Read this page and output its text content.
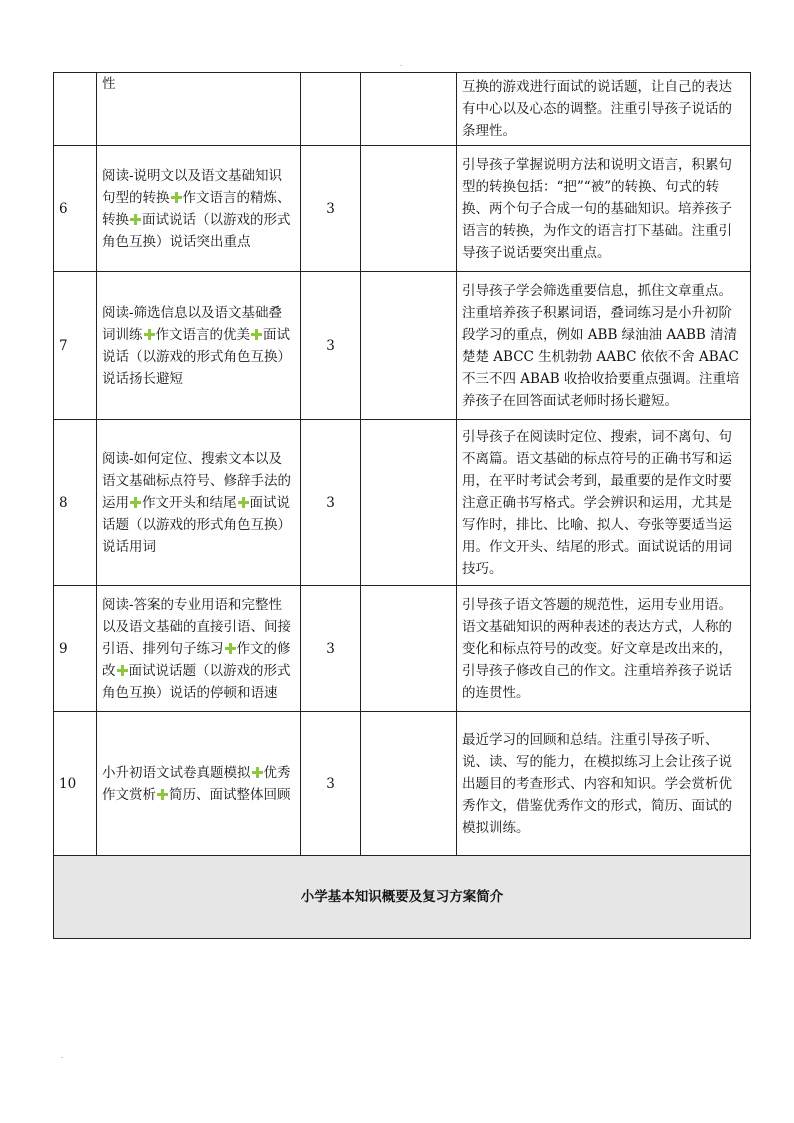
.
	性			互换的游戏进行面试的说话题，让自己的表达有中心以及心态的调整。注重引导孩子说话的条理性。
6	阅读-说明文以及语文基础知识句型的转换 作文语言的精炼、转换 面试说话（以游戏的形式角色互换）说话突出重点	3		引导孩子掌握说明方法和说明文语言，积累句型的转换包括：“把”“被”的转换、句式的转换、两个句子合成一句的基础知识。培养孩子语言的转换，为作文的语言打下基础。注重引导孩子说话要突出重点。
7	阅读-筛选信息以及语文基础叠词训练 作文语言的优美 面试说话（以游戏的形式角色互换）说话扬长避短	3		引导孩子学会筛选重要信息，抓住文章重点。注重培养孩子积累词语，叠词练习是小升初阶段学习的重点，例如 ABB 绿油油 AABB 清清楚楚 ABCC 生机勃勃 AABC 依依不舍 ABAC 不三不四 ABAB 收拾收拾要重点强调。注重培养孩子在回答面试老师时扬长避短。
8	阅读-如何定位、搜索文本以及语文基础标点符号、修辞手法的运用 作文开头和结尾 面试说话题（以游戏的形式角色互换）说话用词	3		引导孩子在阅读时定位、搜索，词不离句、句不离篇。语文基础的标点符号的正确书写和运用，在平时考试会考到，最重要的是作文时要注意正确书写格式。学会辨识和运用，尤其是写作时，排比、比喻、拟人、夸张等要适当运用。作文开头、结尾的形式。面试说话的用词技巧。
9	阅读-答案的专业用语和完整性 以及语文基础的直接引语、间接引语、排列句子练习 作文的修改 面试说话题（以游戏的形式角色互换）说话的停顿和语速	3		引导孩子语文答题的规范性，运用专业用语。语文基础知识的两种表述的表达方式，人称的变化和标点符号的改变。好文章是改出来的，引导孩子修改自己的作文。注重培养孩子说话的连贯性。
10	小升初语文试卷真题模拟 优秀作文赏析 简历、面试整体回顾	3		最近学习的回顾和总结。注重引导孩子听、说、读、写的能力，在模拟练习上会让孩子说出题目的考查形式、内容和知识。学会赏析优秀作文，借鉴优秀作文的形式，简历、面试的模拟训练。
小学基本知识概要及复习方案简介				
.
